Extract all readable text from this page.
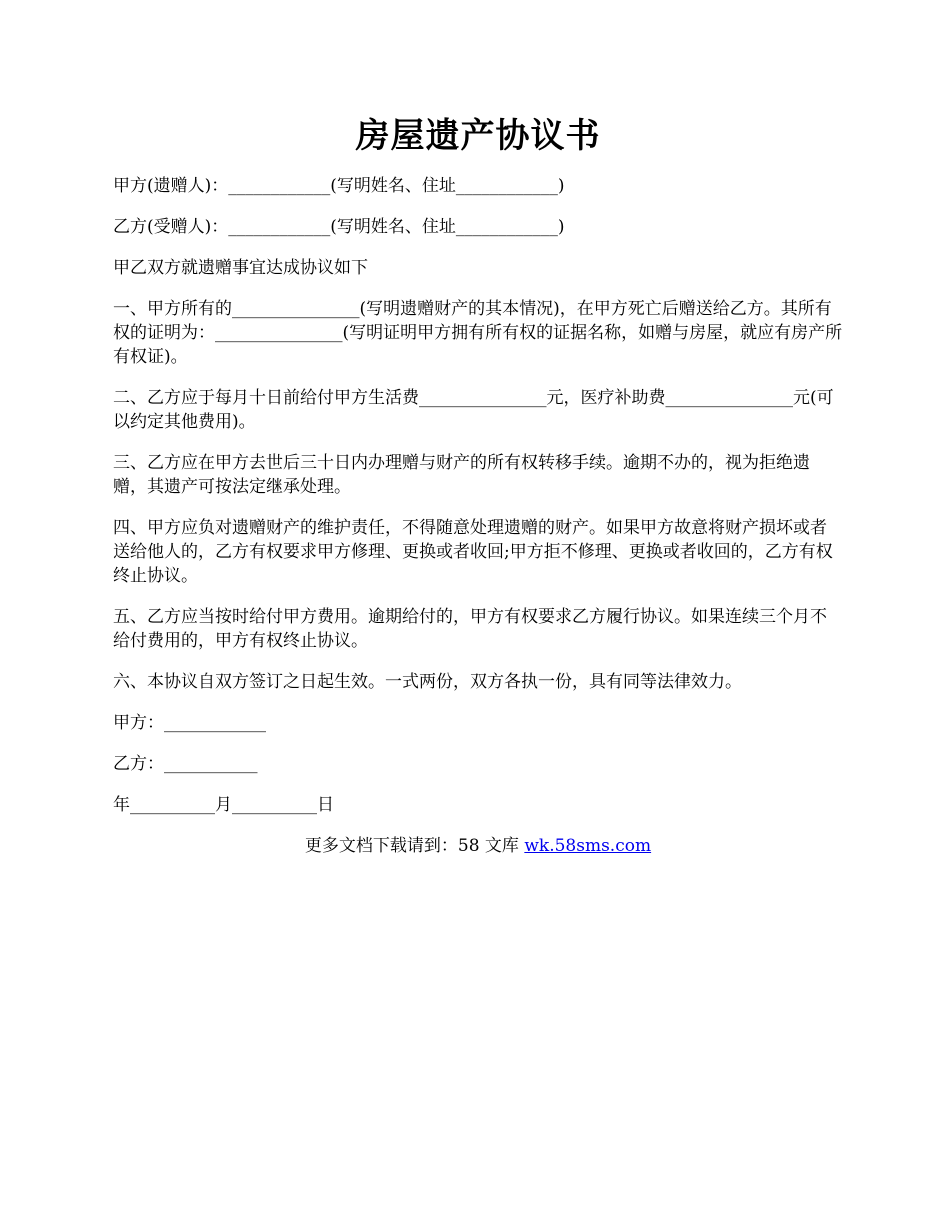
房屋遗产协议书

甲方(遗赠人)：____________(写明姓名、住址____________)

乙方(受赠人)：____________(写明姓名、住址____________)

甲乙双方就遗赠事宜达成协议如下

一、甲方所有的_______________(写明遗赠财产的其本情况)，在甲方死亡后赠送给乙方。其所有权的证明为：_______________(写明证明甲方拥有所有权的证据名称，如赠与房屋，就应有房产所有权证)。

二、乙方应于每月十日前给付甲方生活费_______________元，医疗补助费_______________元(可以约定其他费用)。

三、乙方应在甲方去世后三十日内办理赠与财产的所有权转移手续。逾期不办的，视为拒绝遗赠，其遗产可按法定继承处理。

四、甲方应负对遗赠财产的维护责任，不得随意处理遗赠的财产。如果甲方故意将财产损坏或者送给他人的，乙方有权要求甲方修理、更换或者收回;甲方拒不修理、更换或者收回的，乙方有权终止协议。

五、乙方应当按时给付甲方费用。逾期给付的，甲方有权要求乙方履行协议。如果连续三个月不给付费用的，甲方有权终止协议。

六、本协议自双方签订之日起生效。一式两份，双方各执一份，具有同等法律效力。

甲方：____________

乙方：___________

年__________月__________日

更多文档下载请到：58 文库 wk.58sms.com
